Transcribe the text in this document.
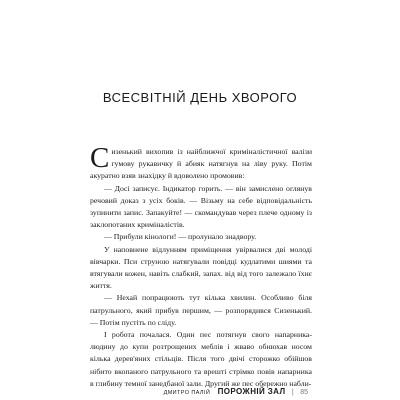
ВСЕСВІТНІЙ ДЕНЬ ХВОРОГО

Сизенький вихопив із найближчої криміналістичної валізи гумову рукавичку й абияк натягнув на ліву руку. Потім акуратно взяв знахідку й вдоволено промовив:

— Досі записує. Індикатор горить. — він замислено оглянув речовий доказ з усіх боків. — Візьму на себе відповідальність зупинити запис. Запакуйте! — скомандував через плече одному із заклопотаних криміналістів.

— Прибули кінологи! — пролунало знадвору.

У наповнене відлунням приміщення увірвалися дві молоді вівчарки. Пси струною натягували повідці кудлатими шиями та втягували кожен, навіть слабкий, запах. від від того залежало їхнє життя.

— Нехай попрацюють тут кілька хвилин. Особливо біля патрульного, який прибув першим, — розпорядився Сизенький. — Потім пустіть по сліду.

І робота почалася. Один пес потягнув свого напарника-людину до купи розтрощених меблів і жваво обнюхав носом кілька дерев'яних стільців. Після того двічі сторожко обійшов нібито вкопаного патрульного та врешті стрімко повів напарника в глибину темної занедбаної зали. Другий же пес обережно набли-

ДМИТРО ПАЛІЙ ПОРОЖНІЙ ЗАЛ | 85
